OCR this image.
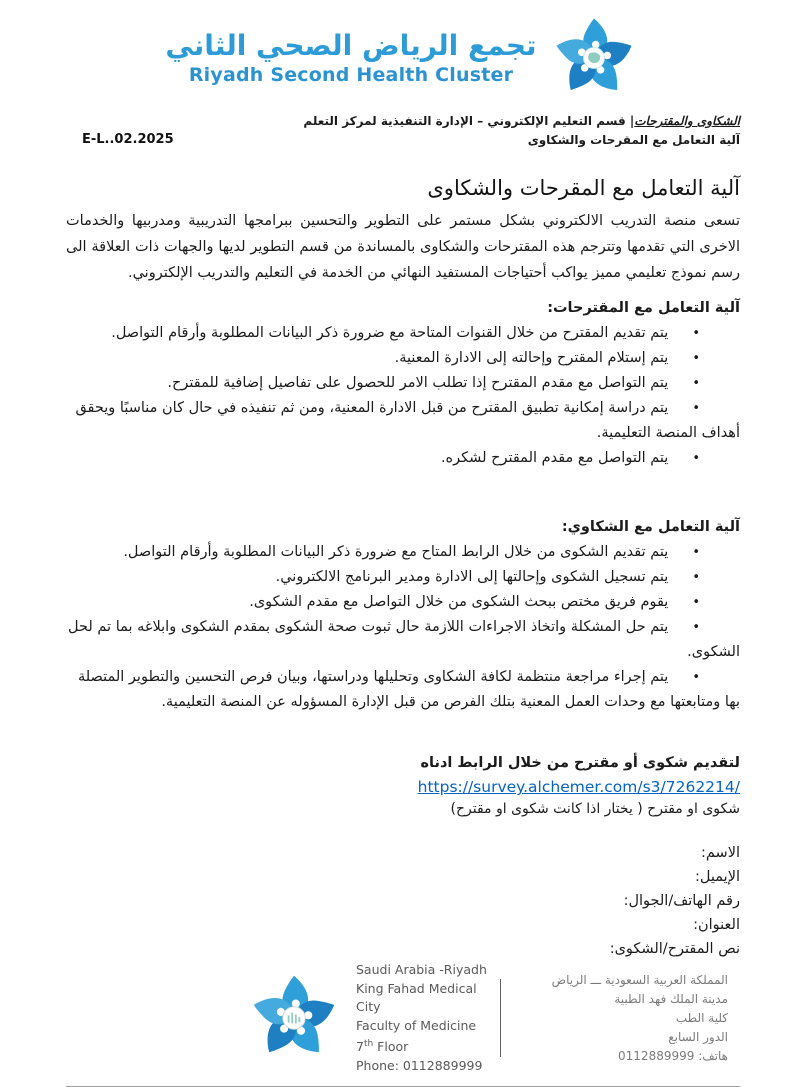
تجمع الرياض الصحي الثاني
Riyadh Second Health Cluster
الشكاوى والمقترحات| قسم التعليم الإلكتروني – الإدارة التنفيذية لمركز التعلم
آلية التعامل مع المقرحات والشكاوى
E-L..02.2025
آلية التعامل مع المقرحات والشكاوى

تسعى منصة التدريب الالكتروني بشكل مستمر على التطوير والتحسين ببرامجها التدريبية ومدربيها والخدمات الاخرى التي تقدمها وتترجم هذه المقترحات والشكاوى بالمساندة من قسم التطوير لديها والجهات ذات العلاقة الى رسم نموذج تعليمي مميز يواكب أحتياجات المستفيد النهائي من الخدمة في التعليم والتدريب الإلكتروني.

آلية التعامل مع المقترحات:
• يتم تقديم المقترح من خلال القنوات المتاحة مع ضرورة ذكر البيانات المطلوبة وأرقام التواصل.
• يتم إستلام المقترح وإحالته إلى الادارة المعنية.
• يتم التواصل مع مقدم المقترح إذا تطلب الامر للحصول على تفاصيل إضافية للمقترح.
• يتم دراسة إمكانية تطبيق المقترح من قبل الادارة المعنية، ومن ثم تنفيذه في حال كان مناسبًا ويحقق أهداف المنصة التعليمية.
• يتم التواصل مع مقدم المقترح لشكره.
آلية التعامل مع الشكاوي:
• يتم تقديم الشكوى من خلال الرابط المتاح مع ضرورة ذكر البيانات المطلوبة وأرقام التواصل.
• يتم تسجيل الشكوى وإحالتها إلى الادارة ومدير البرنامج الالكتروني.
• يقوم فريق مختص ببحث الشكوى من خلال التواصل مع مقدم الشكوى.
• يتم حل المشكلة واتخاذ الاجراءات اللازمة حال ثبوت صحة الشكوى بمقدم الشكوى وابلاغه بما تم لحل الشكوى.
• يتم إجراء مراجعة منتظمة لكافة الشكاوى وتحليلها ودراستها، وبيان فرص التحسين والتطوير المتصلة بها ومتابعتها مع وحدات العمل المعنية بتلك الفرص من قبل الإدارة المسؤوله عن المنصة التعليمية.
لتقديم شكوى أو مقترح من خلال الرابط ادناه
https://survey.alchemer.com/s3/7262214/
شكوى او مقترح ( يختار اذا كانت شكوى او مقترح)
الاسم:
الإيميل:
رقم الهاتف/الجوال:
العنوان:
نص المقترح/الشكوى:
Saudi Arabia -Riyadh
King Fahad Medical City
Faculty of Medicine
7th Floor
Phone: 0112889999
المملكة العربية السعودية ـــ الرياض
مدينة الملك فهد الطبية
كلية الطب
الدور السابع
هاتف: 0112889999
